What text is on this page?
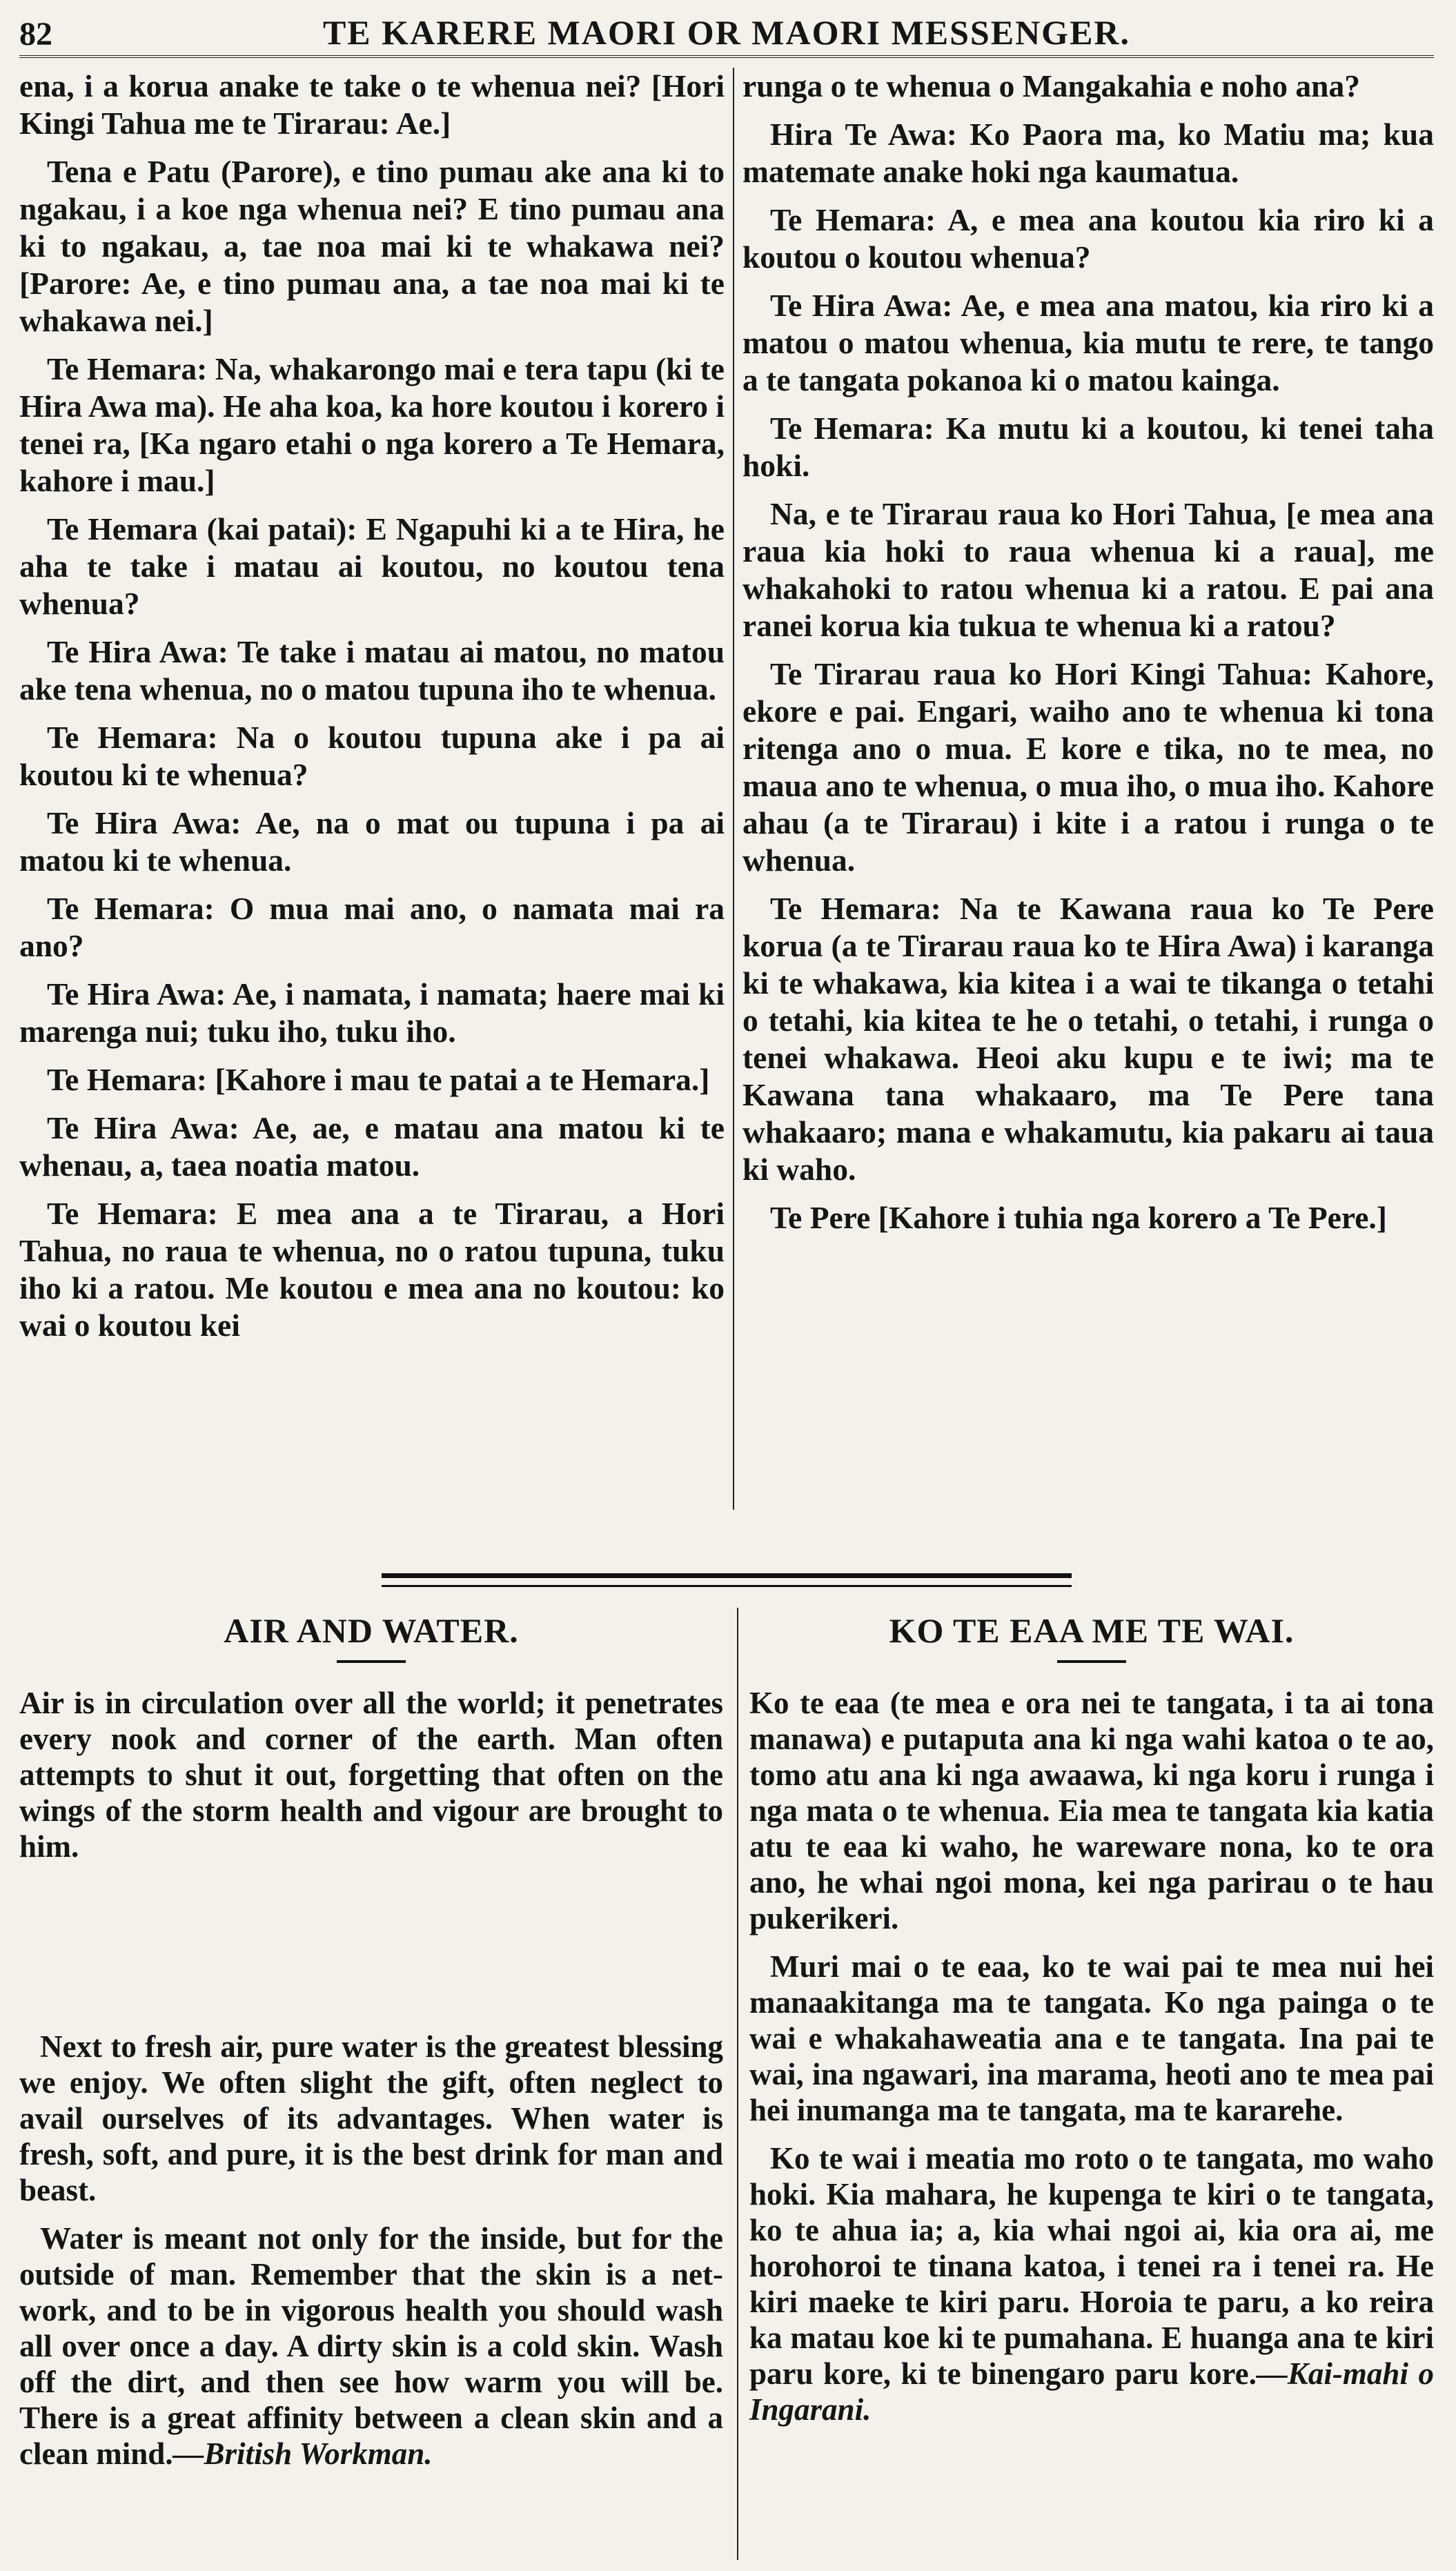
82	TE KARERE MAORI OR MAORI MESSENGER.

ena, i a korua anake te take o te whenua nei? [Hori Kingi Tahua me te Tirarau: Ae.]

Tena e Patu (Parore), e tino pumau ake ana ki to ngakau, i a koe nga whenua nei? E tino pumau ana ki to ngakau, a, tae noa mai ki te whakawa nei? [Parore: Ae, e tino pumau ana, a tae noa mai ki te whakawa nei.]

Te Hemara: Na, whakarongo mai e tera tapu (ki te Hira Awa ma). He aha koa, ka hore koutou i korero i tenei ra, [Ka ngaro etahi o nga korero a Te Hemara, kahore i mau.]

Te Hemara (kai patai): E Ngapuhi ki a te Hira, he aha te take i matau ai koutou, no koutou tena whenua?

Te Hira Awa: Te take i matau ai matou, no matou ake tena whenua, no o matou tupuna iho te whenua.

Te Hemara: Na o koutou tupuna ake i pa ai koutou ki te whenua?

Te Hira Awa: Ae, na o mat ou tupuna i pa ai matou ki te whenua.

Te Hemara: O mua mai ano, o namata mai ra ano?

Te Hira Awa: Ae, i namata, i namata; haere mai ki marenga nui; tuku iho, tuku iho.

Te Hemara: [Kahore i mau te patai a te Hemara.]

Te Hira Awa: Ae, ae, e matau ana matou ki te whenau, a, taea noatia matou.

Te Hemara: E mea ana a te Tirarau, a Hori Tahua, no raua te whenua, no o ratou tupuna, tuku iho ki a ratou. Me koutou e mea ana no koutou: ko wai o koutou kei

runga o te whenua o Mangakahia e noho ana?

Hira Te Awa: Ko Paora ma, ko Matiu ma; kua matemate anake hoki nga kaumatua.

Te Hemara: A, e mea ana koutou kia riro ki a koutou o koutou whenua?

Te Hira Awa: Ae, e mea ana matou, kia riro ki a matou o matou whenua, kia mutu te rere, te tango a te tangata pokanoa ki o matou kainga.

Te Hemara: Ka mutu ki a koutou, ki tenei taha hoki.

Na, e te Tirarau raua ko Hori Tahua, [e mea ana raua kia hoki to raua whenua ki a raua], me whakahoki to ratou whenua ki a ratou. E pai ana ranei korua kia tukua te whenua ki a ratou?

Te Tirarau raua ko Hori Kingi Tahua: Kahore, ekore e pai. Engari, waiho ano te whenua ki tona ritenga ano o mua. E kore e tika, no te mea, no maua ano te whenua, o mua iho, o mua iho. Kahore ahau (a te Tirarau) i kite i a ratou i runga o te whenua.

Te Hemara: Na te Kawana raua ko Te Pere korua (a te Tirarau raua ko te Hira Awa) i karanga ki te whakawa, kia kitea i a wai te tikanga o tetahi o tetahi, kia kitea te he o tetahi, o tetahi, i runga o tenei whakawa. Heoi aku kupu e te iwi; ma te Kawana tana whakaaro, ma Te Pere tana whakaaro; mana e whakamutu, kia pakaru ai taua ki waho.

Te Pere [Kahore i tuhia nga korero a Te Pere.]

AIR AND WATER.

Air is in circulation over all the world; it penetrates every nook and corner of the earth. Man often attempts to shut it out, forgetting that often on the wings of the storm health and vigour are brought to him.

Next to fresh air, pure water is the greatest blessing we enjoy. We often slight the gift, often neglect to avail ourselves of its advantages. When water is fresh, soft, and pure, it is the best drink for man and beast.

Water is meant not only for the inside, but for the outside of man. Remember that the skin is a net-work, and to be in vigorous health you should wash all over once a day. A dirty skin is a cold skin. Wash off the dirt, and then see how warm you will be. There is a great affinity between a clean skin and a clean mind.—British Workman.

KO TE EAA ME TE WAI.

Ko te eaa (te mea e ora nei te tangata, i ta ai tona manawa) e putaputa ana ki nga wahi katoa o te ao, tomo atu ana ki nga awaawa, ki nga koru i runga i nga mata o te whenua. Eia mea te tangata kia katia atu te eaa ki waho, he wareware nona, ko te ora ano, he whai ngoi mona, kei nga parirau o te hau pukerikeri.

Muri mai o te eaa, ko te wai pai te mea nui hei manaakitanga ma te tangata. Ko nga painga o te wai e whakahaweatia ana e te tangata. Ina pai te wai, ina ngawari, ina marama, heoti ano te mea pai hei inumanga ma te tangata, ma te kararehe.

Ko te wai i meatia mo roto o te tangata, mo waho hoki. Kia mahara, he kupenga te kiri o te tangata, ko te ahua ia; a, kia whai ngoi ai, kia ora ai, me horohoroi te tinana katoa, i tenei ra i tenei ra. He kiri maeke te kiri paru. Horoia te paru, a ko reira ka matau koe ki te pumahana. E huanga ana te kiri paru kore, ki te binengaro paru kore.—Kai-mahi o Ingarani.
